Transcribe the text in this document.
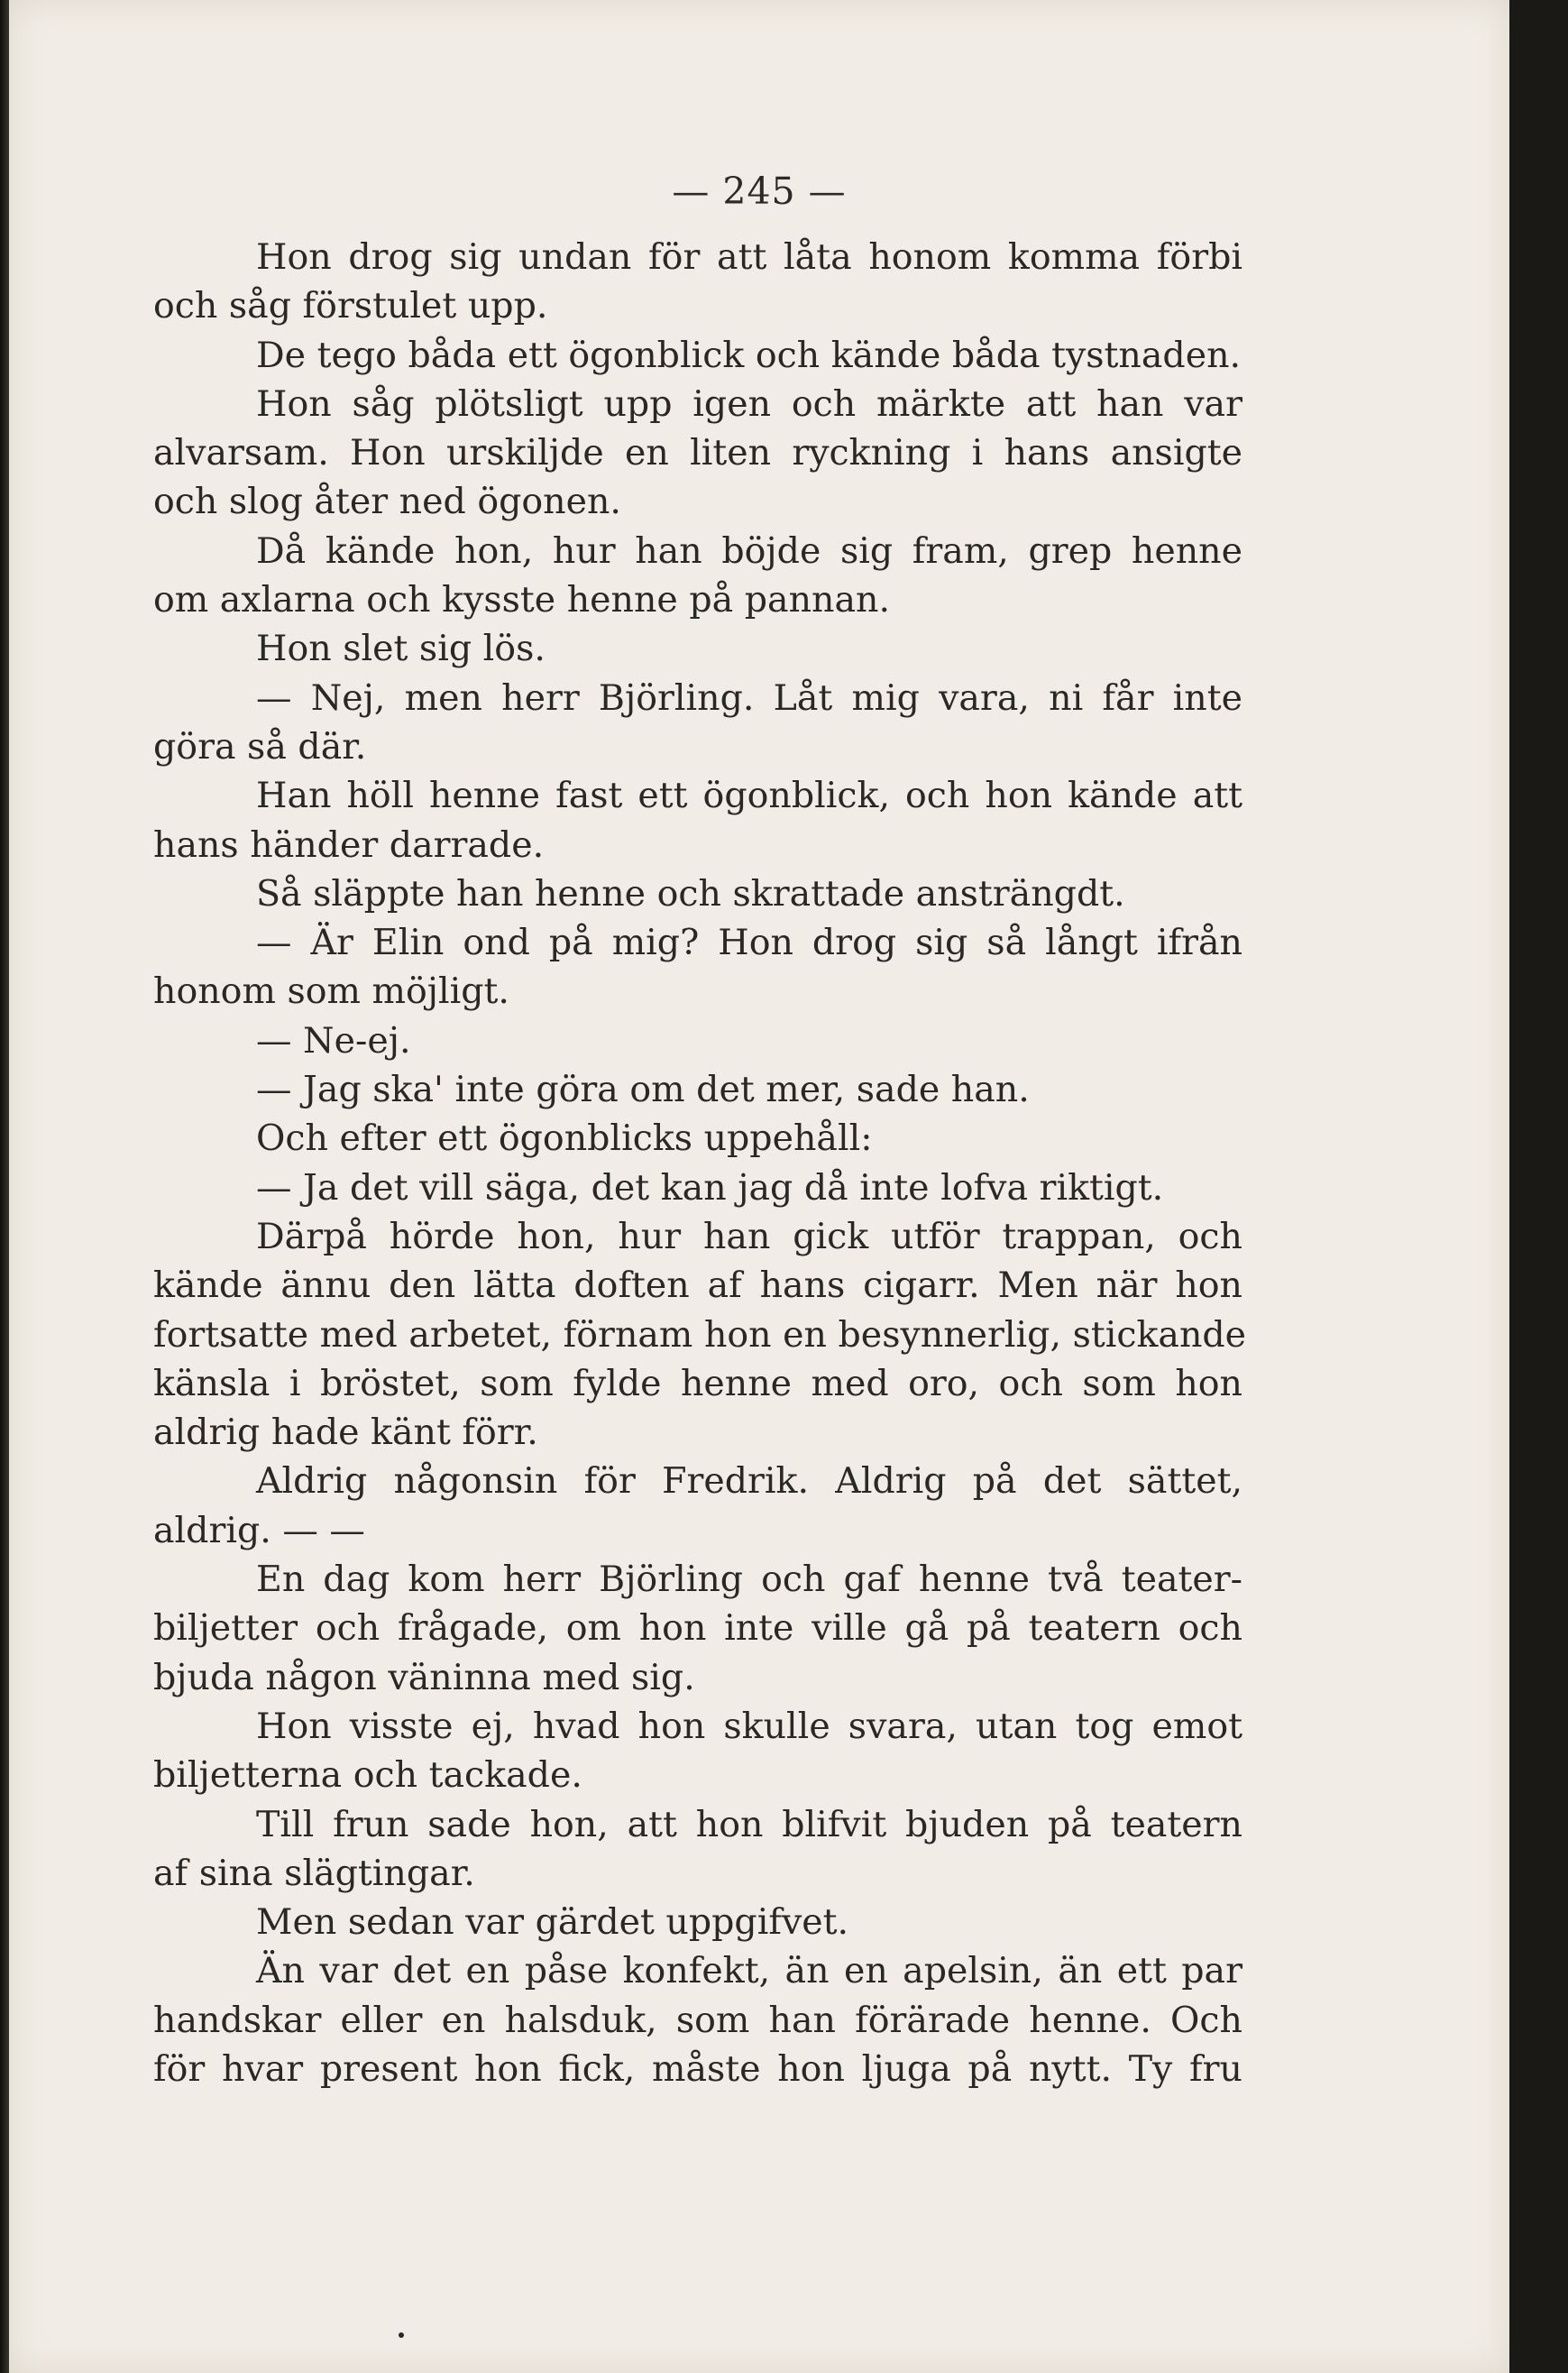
— 245 —
Hon drog sig undan för att låta honom komma förbi
och såg förstulet upp.
De tego båda ett ögonblick och kände båda tystnaden.
Hon såg plötsligt upp igen och märkte att han var
alvarsam. Hon urskiljde en liten ryckning i hans ansigte
och slog åter ned ögonen.
Då kände hon, hur han böjde sig fram, grep henne
om axlarna och kysste henne på pannan.
Hon slet sig lös.
— Nej, men herr Björling. Låt mig vara, ni får inte
göra så där.
Han höll henne fast ett ögonblick, och hon kände att
hans händer darrade.
Så släppte han henne och skrattade ansträngdt.
— Är Elin ond på mig? Hon drog sig så långt ifrån
honom som möjligt.
— Ne-ej.
— Jag ska' inte göra om det mer, sade han.
Och efter ett ögonblicks uppehåll:
— Ja det vill säga, det kan jag då inte lofva riktigt.
Därpå hörde hon, hur han gick utför trappan, och
kände ännu den lätta doften af hans cigarr. Men när hon
fortsatte med arbetet, förnam hon en besynnerlig, stickande
känsla i bröstet, som fylde henne med oro, och som hon
aldrig hade känt förr.
Aldrig någonsin för Fredrik. Aldrig på det sättet,
aldrig. — —
En dag kom herr Björling och gaf henne två teater-
biljetter och frågade, om hon inte ville gå på teatern och
bjuda någon väninna med sig.
Hon visste ej, hvad hon skulle svara, utan tog emot
biljetterna och tackade.
Till frun sade hon, att hon blifvit bjuden på teatern
af sina slägtingar.
Men sedan var gärdet uppgifvet.
Än var det en påse konfekt, än en apelsin, än ett par
handskar eller en halsduk, som han förärade henne. Och
för hvar present hon fick, måste hon ljuga på nytt. Ty fru
